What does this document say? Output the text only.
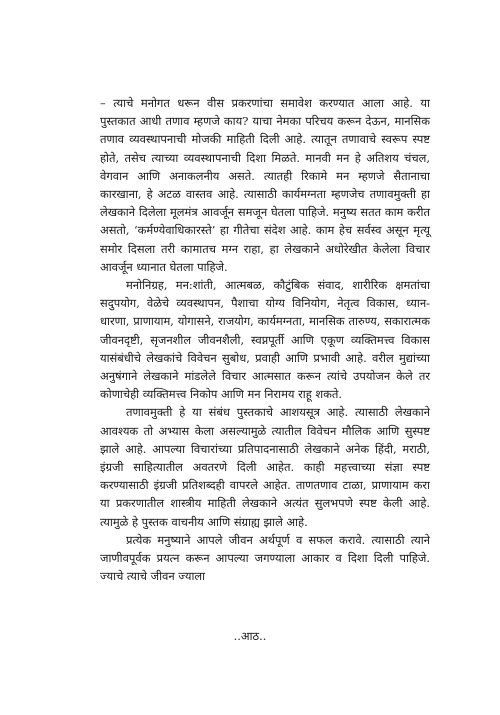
– त्याचे मनोगत धरून वीस प्रकरणांचा समावेश करण्यात आला आहे. या पुस्तकात आधी तणाव म्हणजे काय? याचा नेमका परिचय करून देऊन, मानसिक तणाव व्यवस्थापनाची मोजकी माहिती दिली आहे. त्यातून तणावाचे स्वरूप स्पष्ट होते, तसेच त्याच्या व्यवस्थापनाची दिशा मिळते. मानवी मन हे अतिशय चंचल, वेगवान आणि अनाकलनीय असते. त्यातही रिकामे मन म्हणजे सैतानाचा कारखाना, हे अटळ वास्तव आहे. त्यासाठी कार्यमग्नता म्हणजेच तणावमुक्ती हा लेखकाने दिलेला मूलमंत्र आवर्जून समजून घेतला पाहिजे. मनुष्य सतत काम करीत असतो, ‘कर्मण्येवाधिकारस्ते’ हा गीतेचा संदेश आहे. काम हेच सर्वस्व असून मृत्यू समोर दिसला तरी कामातच मग्न राहा, हा लेखकाने अधोरेखीत केलेला विचार आवर्जून ध्यानात घेतला पाहिजे.

मनोनिग्रह, मन:शांती, आत्मबळ, कौटुंबिक संवाद, शारीरिक क्षमतांचा सदुपयोग, वेळेचे व्यवस्थापन, पैशाचा योग्य विनियोग, नेतृत्व विकास, ध्यान-धारणा, प्राणायाम, योगासने, राजयोग, कार्यमग्नता, मानसिक तारुण्य, सकारात्मक जीवनदृष्टी, सृजनशील जीवनशैली, स्वप्नपूर्ती आणि एकूण व्यक्तिमत्त्व विकास यासंबंधीचे लेखकांचे विवेचन सुबोध, प्रवाही आणि प्रभावी आहे. वरील मुद्यांच्या अनुषंगाने लेखकाने मांडलेले विचार आत्मसात करून त्यांचे उपयोजन केले तर कोणाचेही व्यक्तिमत्त्व निकोप आणि मन निरामय राहू शकते.

तणावमुक्ती हे या संबंध पुस्तकाचे आशयसूत्र आहे. त्यासाठी लेखकाने आवश्यक तो अभ्यास केला असल्यामुळे त्यातील विवेचन मौलिक आणि सुस्पष्ट झाले आहे. आपल्या विचारांच्या प्रतिपादनासाठी लेखकाने अनेक हिंदी, मराठी, इंग्रजी साहित्यातील अवतरणे दिली आहेत. काही महत्त्वाच्या संज्ञा स्पष्ट करण्यासाठी इंग्रजी प्रतिशब्दही वापरले आहेत. ताणतणाव टाळा, प्राणायाम करा या प्रकरणातील शास्त्रीय माहिती लेखकाने अत्यंत सुलभपणे स्पष्ट केली आहे. त्यामुळे हे पुस्तक वाचनीय आणि संग्राह्य झाले आहे.

प्रत्येक मनुष्याने आपले जीवन अर्थपूर्ण व सफल करावे. त्यासाठी त्याने जाणीवपूर्वक प्रयत्न करून आपल्या जगण्याला आकार व दिशा दिली पाहिजे. ज्याचे त्याचे जीवन ज्याला

..आठ..
